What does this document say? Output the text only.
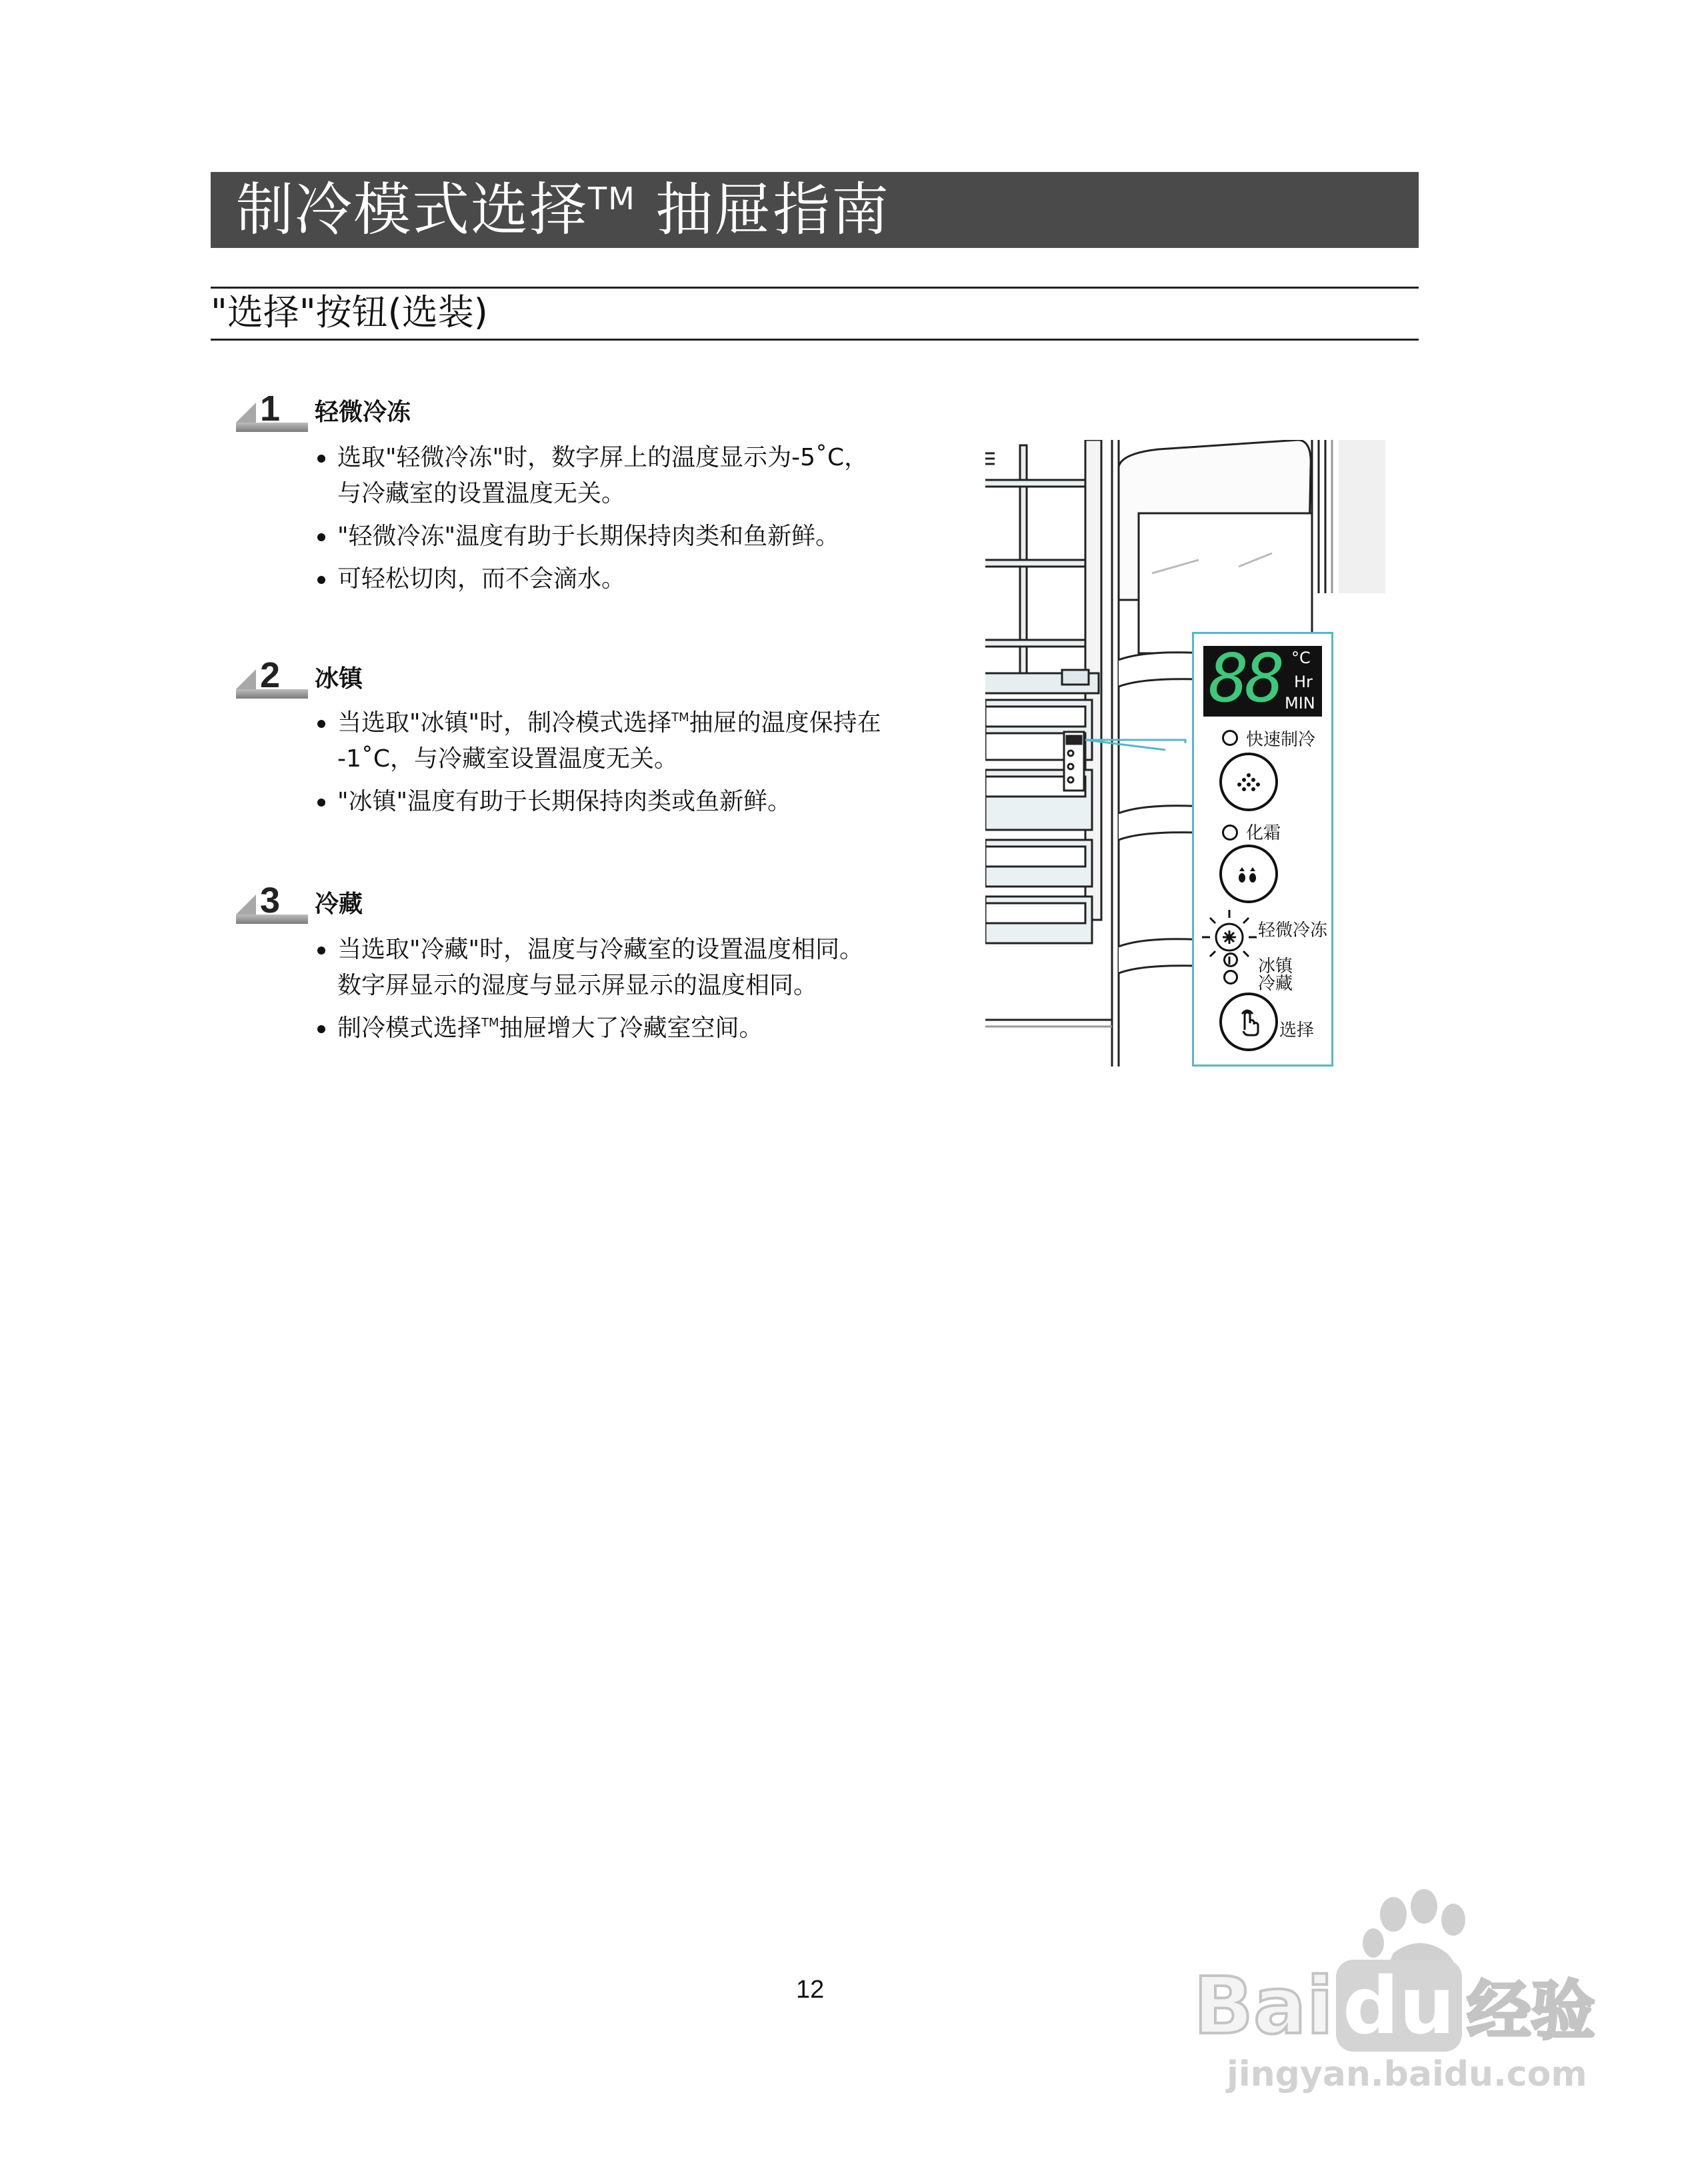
制冷模式选择™ 抽屉指南
"选择"按钮(选装)
1 轻微冷冻
选取"轻微冷冻"时，数字屏上的温度显示为-5˚C，
与冷藏室的设置温度无关。
"轻微冷冻"温度有助于长期保持肉类和鱼新鲜。
可轻松切肉，而不会滴水。
2 冰镇
当选取"冰镇"时，制冷模式选择™抽屉的温度保持在
-1˚C，与冷藏室设置温度无关。
"冰镇"温度有助于长期保持肉类或鱼新鲜。
3 冷藏
当选取"冷藏"时，温度与冷藏室的设置温度相同。
数字屏显示的湿度与显示屏显示的温度相同。
制冷模式选择™抽屉增大了冷藏室空间。
88 °C
Hr
MIN
快速制冷
化霜
轻微冷冻
冰镇
冷藏
选择
12	Bai du 经验
jingyan.baidu.com
